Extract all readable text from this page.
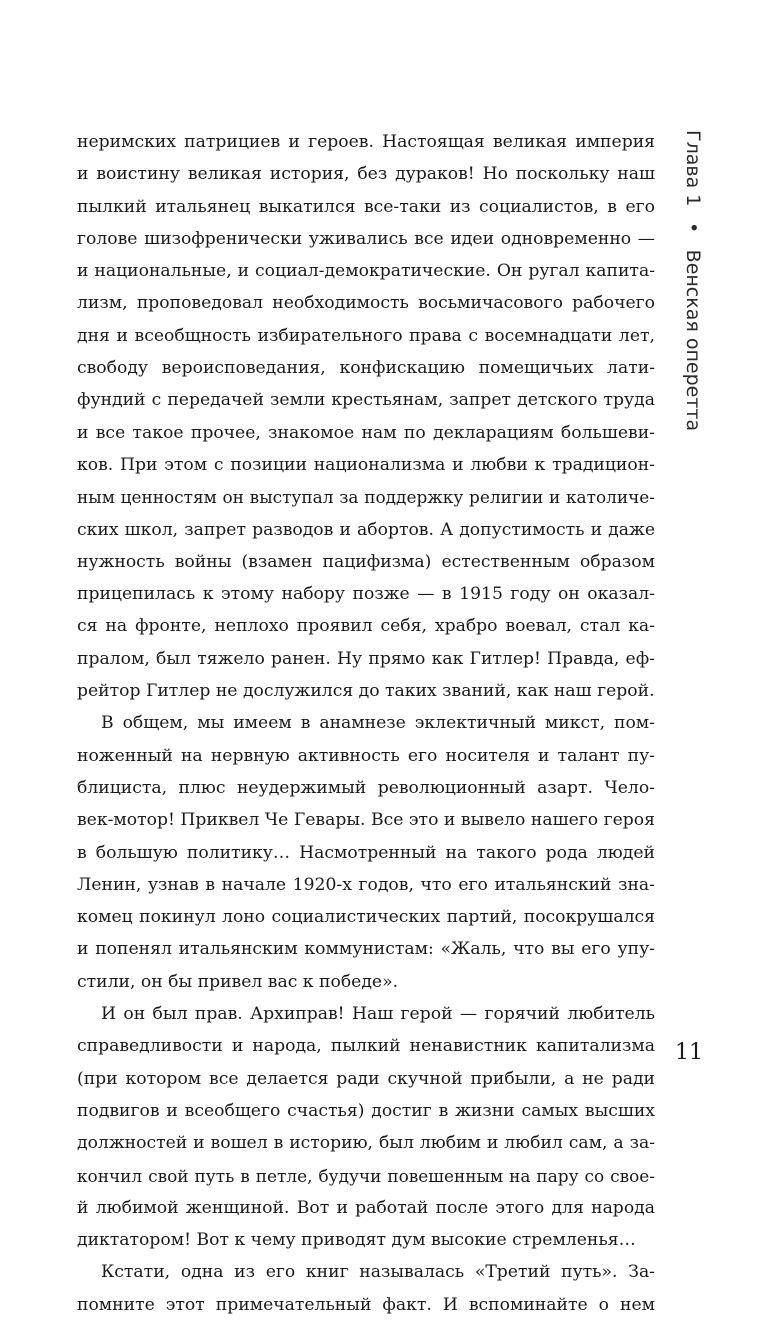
Глава 1 • Венская оперетта
неримских патрициев и героев. Настоящая великая империя
и воистину великая история, без дураков! Но поскольку наш
пылкий итальянец выкатился все-таки из социалистов, в его
голове шизофренически уживались все идеи одновременно —
и национальные, и социал-демократические. Он ругал капита-
лизм, проповедовал необходимость восьмичасового рабочего
дня и всеобщность избирательного права с восемнадцати лет,
свободу вероисповедания, конфискацию помещичьих лати-
фундий с передачей земли крестьянам, запрет детского труда
и все такое прочее, знакомое нам по декларациям большеви-
ков. При этом с позиции национализма и любви к традицион-
ным ценностям он выступал за поддержку религии и католиче-
ских школ, запрет разводов и абортов. А допустимость и даже
нужность войны (взамен пацифизма) естественным образом
прицепилась к этому набору позже — в 1915 году он оказал-
ся на фронте, неплохо проявил себя, храбро воевал, стал ка-
пралом, был тяжело ранен. Ну прямо как Гитлер! Правда, еф-
рейтор Гитлер не дослужился до таких званий, как наш герой.
В общем, мы имеем в анамнезе эклектичный микст, пом-
ноженный на нервную активность его носителя и талант пу-
блициста, плюс неудержимый революционный азарт. Чело-
век-мотор! Приквел Че Гевары. Все это и вывело нашего героя
в большую политику… Насмотренный на такого рода людей
Ленин, узнав в начале 1920-х годов, что его итальянский зна-
комец покинул лоно социалистических партий, посокрушался
и попенял итальянским коммунистам: «Жаль, что вы его упу-
стили, он бы привел вас к победе».
И он был прав. Архиправ! Наш герой — горячий любитель
справедливости и народа, пылкий ненавистник капитализма
(при котором все делается ради скучной прибыли, а не ради
подвигов и всеобщего счастья) достиг в жизни самых высших
должностей и вошел в историю, был любим и любил сам, а за-
кончил свой путь в петле, будучи повешенным на пару со свое-
й любимой женщиной. Вот и работай после этого для народа
диктатором! Вот к чему приводят дум высокие стремленья…
Кстати, одна из его книг называлась «Третий путь». За-
помните этот примечательный факт. И вспоминайте о нем
11
